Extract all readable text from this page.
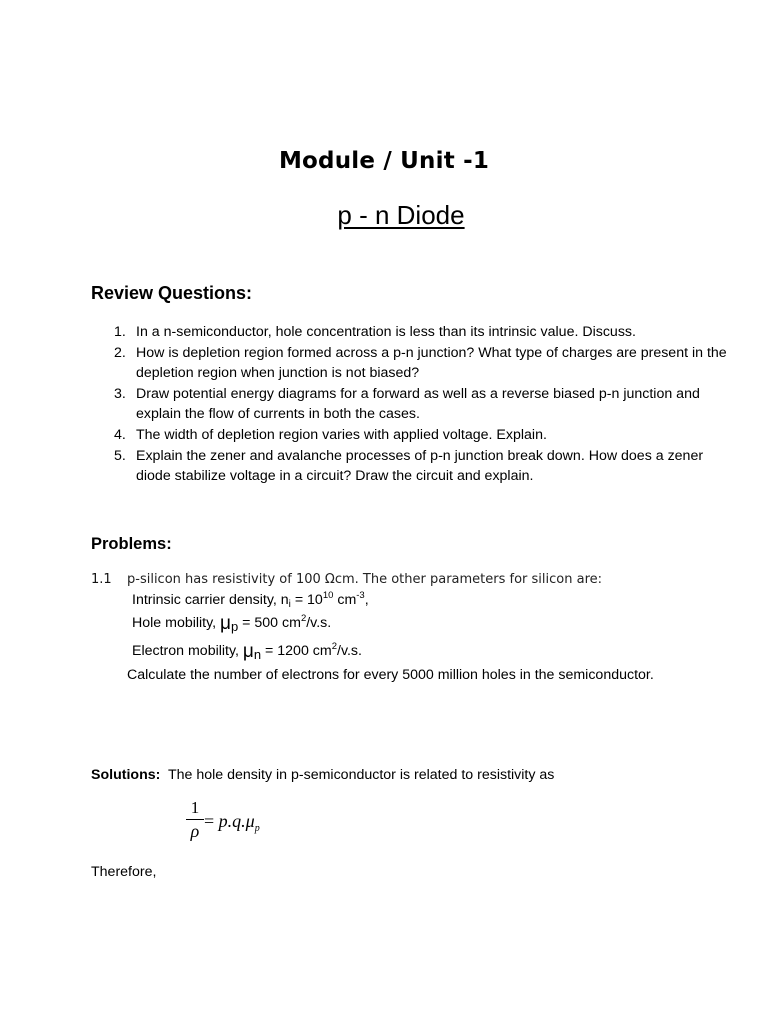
Module / Unit -1
p - n Diode
Review Questions:
1. In a n-semiconductor, hole concentration is less than its intrinsic value. Discuss.
2. How is depletion region formed across a p-n junction? What type of charges are present in the depletion region when junction is not biased?
3. Draw potential energy diagrams for a forward as well as a reverse biased p-n junction and explain the flow of currents in both the cases.
4. The width of depletion region varies with applied voltage. Explain.
5. Explain the zener and avalanche processes of p-n junction break down. How does a zener diode stabilize voltage in a circuit? Draw the circuit and explain.
Problems:
1.1 p-silicon has resistivity of 100 Ωcm. The other parameters for silicon are:
Intrinsic carrier density, $n_i = 10^{10}$ $cm^{-3}$,
Hole mobility, $\mu_p = 500$ $cm^2/v.s$.
Electron mobility, $\mu_n = 1200$ $cm^2/v.s$.
Calculate the number of electrons for every 5000 million holes in the semiconductor.
Solutions:  The hole density in p-semiconductor is related to resistivity as
1
$\rho = p.q.\mu_p$
Therefore,
